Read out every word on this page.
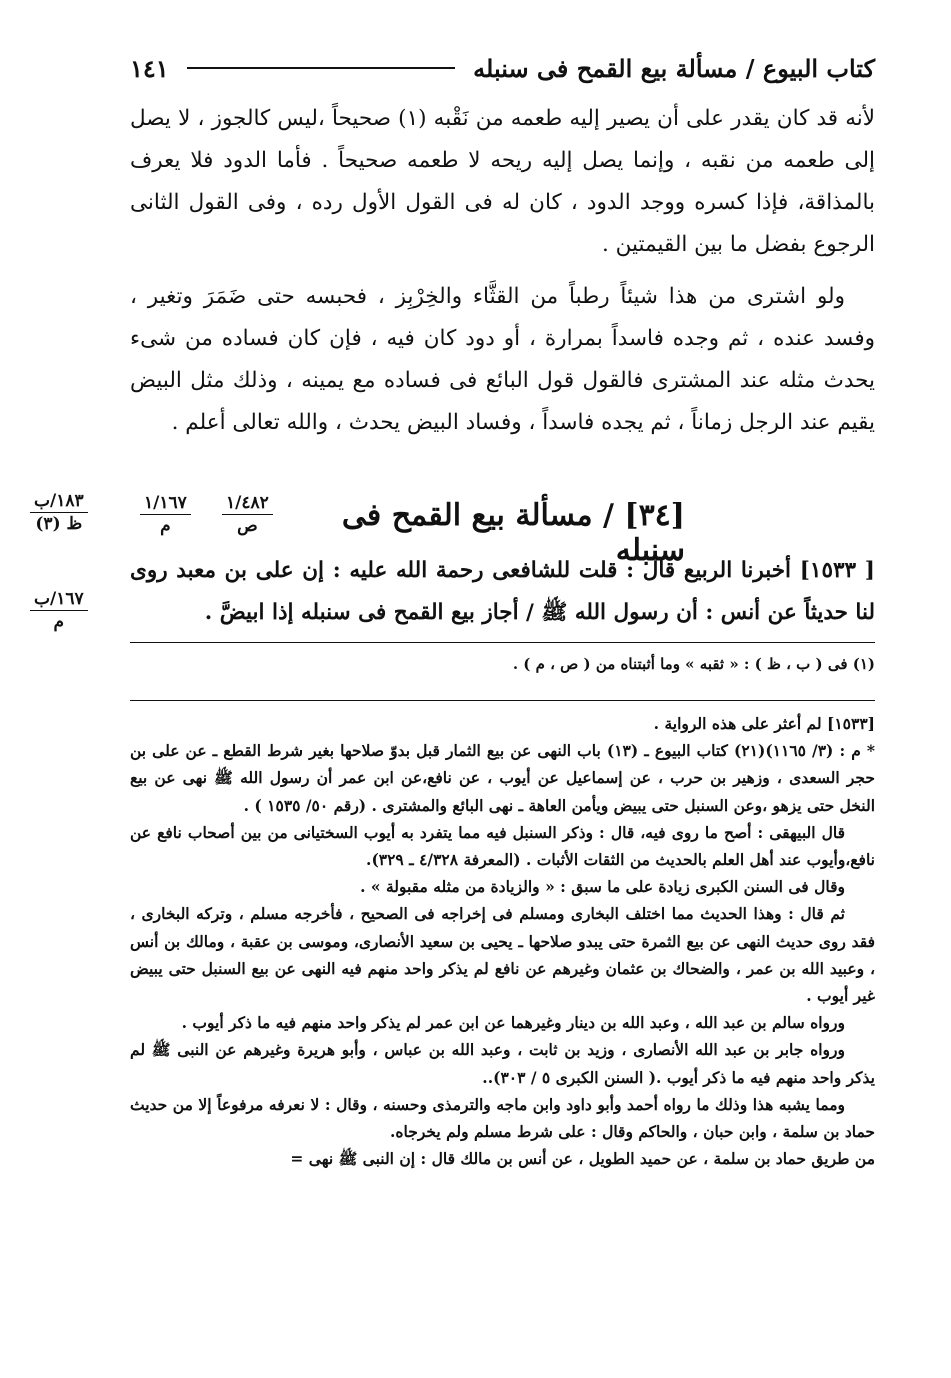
كتاب البيوع / مسألة بيع القمح فى سنبله
١٤١

لأنه قد كان يقدر على أن يصير إليه طعمه من نَقْبه (١) صحيحاً ،ليس كالجوز ، لا يصل إلى طعمه من نقبه ، وإنما يصل إليه ريحه لا طعمه صحيحاً . فأما الدود فلا يعرف بالمذاقة، فإذا كسره ووجد الدود ، كان له فى القول الأول رده ، وفى القول الثانى الرجوع بفضل ما بين القيمتين .

ولو اشترى من هذا شيئاً رطباً من القثَّاء والخِرْبِز ، فحبسه حتى ضَمَرَ وتغير ، وفسد عنده ، ثم وجده فاسداً بمرارة ، أو دود كان فيه ، فإن كان فساده من شىء يحدث مثله عند المشترى فالقول قول البائع فى فساده مع يمينه ، وذلك مثل البيض يقيم عند الرجل زماناً ، ثم يجده فاسداً ، وفساد البيض يحدث ، والله تعالى أعلم .

[٣٤] / مسألة بيع القمح فى سنبله
١/٤٨٢
ص
١/١٦٧
م
١٨٣/ب
ظ (٣)
١٦٧/ب
م

[ ١٥٣٣] أخبرنا الربيع قال : قلت للشافعى رحمة الله عليه : إن على بن معبد روى لنا حديثاً عن أنس : أن رسول الله ﷺ / أجاز بيع القمح فى سنبله إذا ابيضَّ .

(١) فى ( ب ، ظ ) : « ثقبه » وما أثبتناه من ( ص ، م ) .

[١٥٣٣] لم أعثر على هذه الرواية .

* م : (٣/ ١١٦٥)(٢١) كتاب البيوع ـ (١٣) باب النهى عن بيع الثمار قبل بدوّ صلاحها بغير شرط القطع ـ عن على بن حجر السعدى ، وزهير بن حرب ، عن إسماعيل عن أيوب ، عن نافع،عن ابن عمر أن رسول الله ﷺ نهى عن بيع النخل حتى يزهو ،وعن السنبل حتى يبيض ويأمن العاهة ـ نهى البائع والمشترى . (رقم ٥٠/ ١٥٣٥ ) .

قال البيهقى : أصح ما روى فيه، قال : وذكر السنبل فيه مما يتفرد به أيوب السختيانى من بين أصحاب نافع عن نافع،وأيوب عند أهل العلم بالحديث من الثقات الأثبات . (المعرفة ٤/٣٢٨ ـ ٣٢٩).

وقال فى السنن الكبرى زيادة على ما سبق : « والزيادة من مثله مقبولة » .

ثم قال : وهذا الحديث مما اختلف البخارى ومسلم فى إخراجه فى الصحيح ، فأخرجه مسلم ، وتركه البخارى ، فقد روى حديث النهى عن بيع الثمرة حتى يبدو صلاحها ـ يحيى بن سعيد الأنصارى، وموسى بن عقبة ، ومالك بن أنس ، وعبيد الله بن عمر ، والضحاك بن عثمان وغيرهم عن نافع لم يذكر واحد منهم فيه النهى عن بيع السنبل حتى يبيض غير أيوب .

ورواه سالم بن عبد الله ، وعبد الله بن دينار وغيرهما عن ابن عمر لم يذكر واحد منهم فيه ما ذكر أيوب .

ورواه جابر بن عبد الله الأنصارى ، وزيد بن ثابت ، وعبد الله بن عباس ، وأبو هريرة وغيرهم عن النبى ﷺ لم يذكر واحد منهم فيه ما ذكر أيوب .( السنن الكبرى ٥ / ٣٠٣)..

ومما يشبه هذا وذلك ما رواه أحمد وأبو داود وابن ماجه والترمذى وحسنه ، وقال : لا نعرفه مرفوعاً إلا من حديث حماد بن سلمة ، وابن حبان ، والحاكم وقال : على شرط مسلم ولم يخرجاه.

من طريق حماد بن سلمة ، عن حميد الطويل ، عن أنس بن مالك قال : إن النبى ﷺ نهى =
